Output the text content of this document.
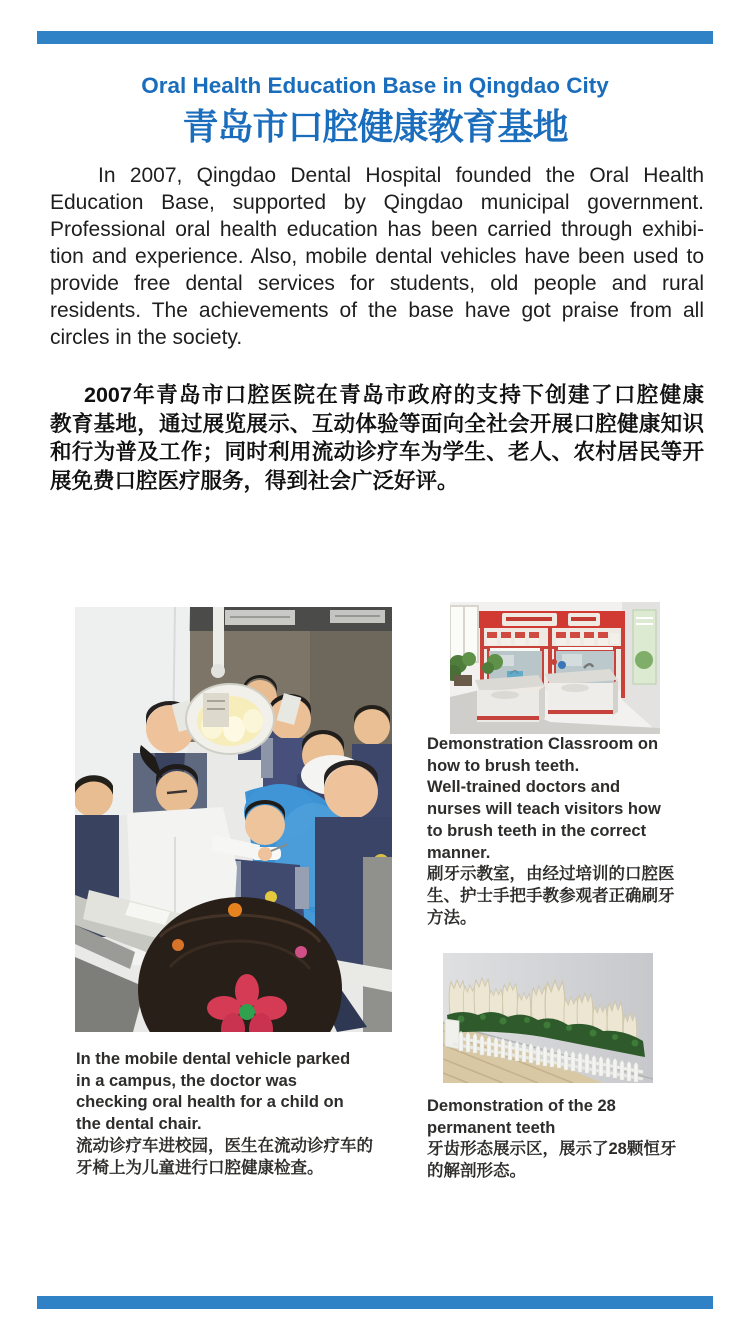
Oral Health Education Base in Qingdao City
青岛市口腔健康教育基地
In 2007, Qingdao Dental Hospital founded the Oral Health
Education Base, supported by Qingdao municipal government.
Professional oral health education has been carried through exhibi-
tion and experience. Also, mobile dental vehicles have been used to
provide free dental services for students, old people and rural
residents. The achievements of the base have got praise from all
circles in the society.
2007年青岛市口腔医院在青岛市政府的支持下创建了口腔健康
教育基地，通过展览展示、互动体验等面向全社会开展口腔健康知识
和行为普及工作；同时利用流动诊疗车为学生、老人、农村居民等开
展免费口腔医疗服务，得到社会广泛好评。
In the mobile dental vehicle parked
in a campus, the doctor was
checking oral health for a child on
the dental chair.
流动诊疗车进校园，医生在流动诊疗车的
牙椅上为儿童进行口腔健康检查。
Demonstration Classroom on
how to brush teeth.
Well-trained doctors and
nurses will teach visitors how
to brush teeth in the correct
manner.
刷牙示教室，由经过培训的口腔医
生、护士手把手教参观者正确刷牙
方法。
Demonstration of the 28
permanent teeth
牙齿形态展示区，展示了28颗恒牙
的解剖形态。
